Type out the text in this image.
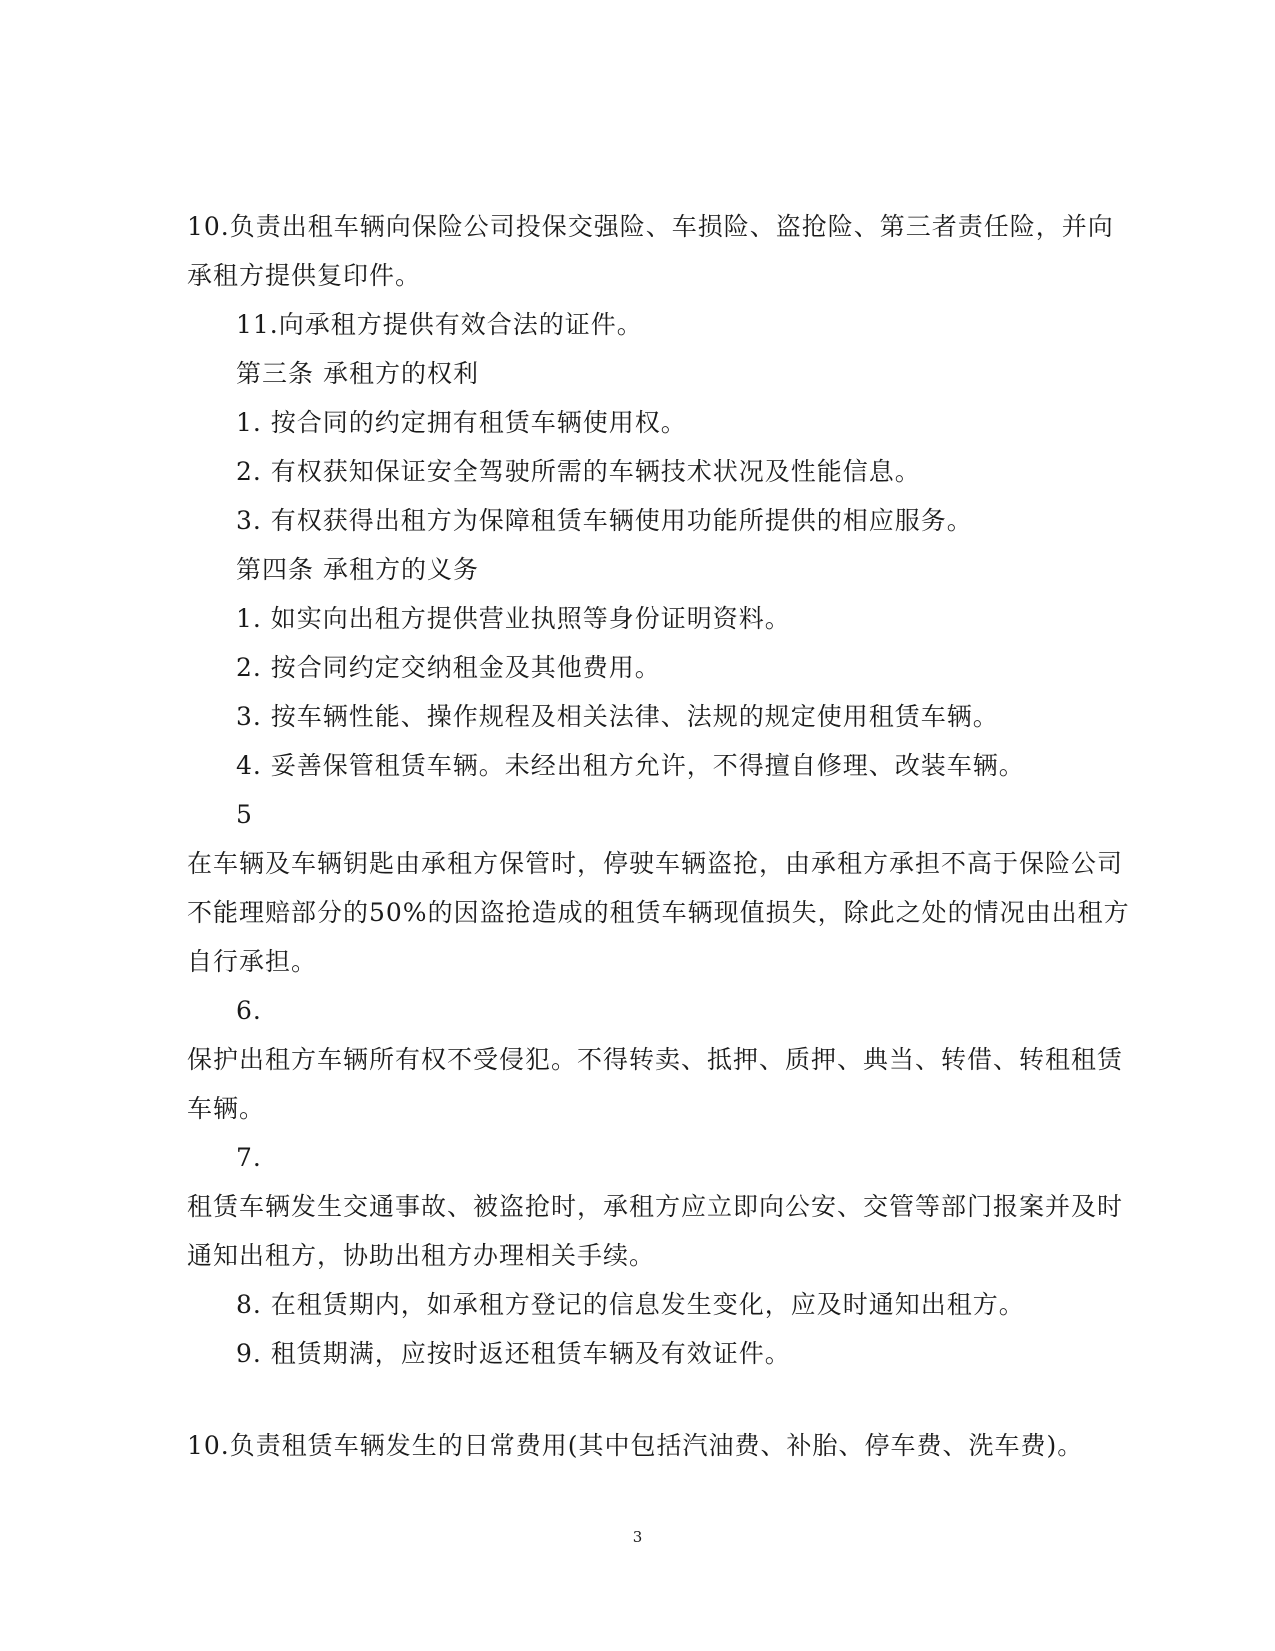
10.负责出租车辆向保险公司投保交强险、车损险、盗抢险、第三者责任险，并向
承租方提供复印件。
11.向承租方提供有效合法的证件。
第三条 承租方的权利
1. 按合同的约定拥有租赁车辆使用权。
2. 有权获知保证安全驾驶所需的车辆技术状况及性能信息。
3. 有权获得出租方为保障租赁车辆使用功能所提供的相应服务。
第四条 承租方的义务
1. 如实向出租方提供营业执照等身份证明资料。
2. 按合同约定交纳租金及其他费用。
3. 按车辆性能、操作规程及相关法律、法规的规定使用租赁车辆。
4. 妥善保管租赁车辆。未经出租方允许，不得擅自修理、改装车辆。
5
在车辆及车辆钥匙由承租方保管时，停驶车辆盗抢，由承租方承担不高于保险公司
不能理赔部分的50%的因盗抢造成的租赁车辆现值损失，除此之处的情况由出租方
自行承担。
6.
保护出租方车辆所有权不受侵犯。不得转卖、抵押、质押、典当、转借、转租租赁
车辆。
7.
租赁车辆发生交通事故、被盗抢时，承租方应立即向公安、交管等部门报案并及时
通知出租方，协助出租方办理相关手续。
8. 在租赁期内，如承租方登记的信息发生变化，应及时通知出租方。
9. 租赁期满，应按时返还租赁车辆及有效证件。
10.负责租赁车辆发生的日常费用(其中包括汽油费、补胎、停车费、洗车费)。
3
